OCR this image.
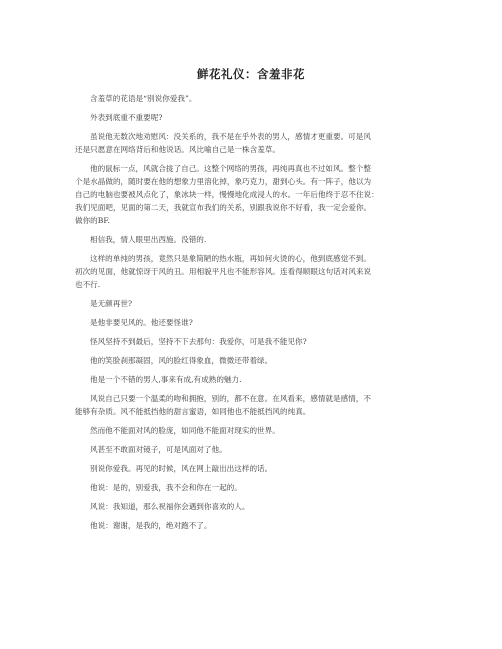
鲜花礼仪：含羞非花

含羞草的花语是“别说你爱我”。

外表到底重不重要呢?

虽说他无数次地劝慰风：没关系的，我不是在乎外表的男人，感情才更重要。可是风
还是只愿意在网络背后和他说话。风比喻自己是一株含羞草。

他的鼠标一点，风就合拢了自己。这整个网络的男孩，再纯再真也不过如风。整个整
个是水晶做的，随时要在他的想象力里溶化掉，象巧克力，甜到心头。有一阵子，他以为
自己的电脑也要被风点化了，象冰块一样，慢慢地化成浸人的水。一年后他终于忍不住说：
我们见面吧，见面的第二天，我就宣布我们的关系，别跟我说你不好看，我一定会爱你。
做你的BF.

相信我，情人眼里出西施。没错的.

这样的单纯的男孩，竟然只是象简陋的热水瓶，再如何火烫的心，他到底感觉不到。
初次的见面，他就惊讶于风的丑。用相貌平凡也不能形容风。连看得顺眼这句话对风来说
也不行.

是无颜再世?

是他非要见风的。他还要怪谁?

怪风坚持不到最后，坚持不下去那句：我爱你，可是我不能见你?

他的笑脸刹那凝固，风的脸红得象血，微微还带着绿。

他是一个不错的男人,事来有成,有成熟的魅力.

风说自己只要一个温柔的吻和拥抱，别的，都不在意。在风看来，感情就是感情，不
能够有杂质。风不能抵挡他的甜言蜜语，如同他也不能抵挡风的纯真。

然而他不能面对风的脸庞，如同他不能面对现实的世界。

风甚至不敢面对镜子，可是风面对了他。

别说你爱我。再见的时候，风在网上敲出出这样的话。

他说：是的，别爱我，我不会和你在一起的。

风说：我知道，那么祝福你会遇到你喜欢的人。

他说：谢谢，是我的，绝对跑不了。
